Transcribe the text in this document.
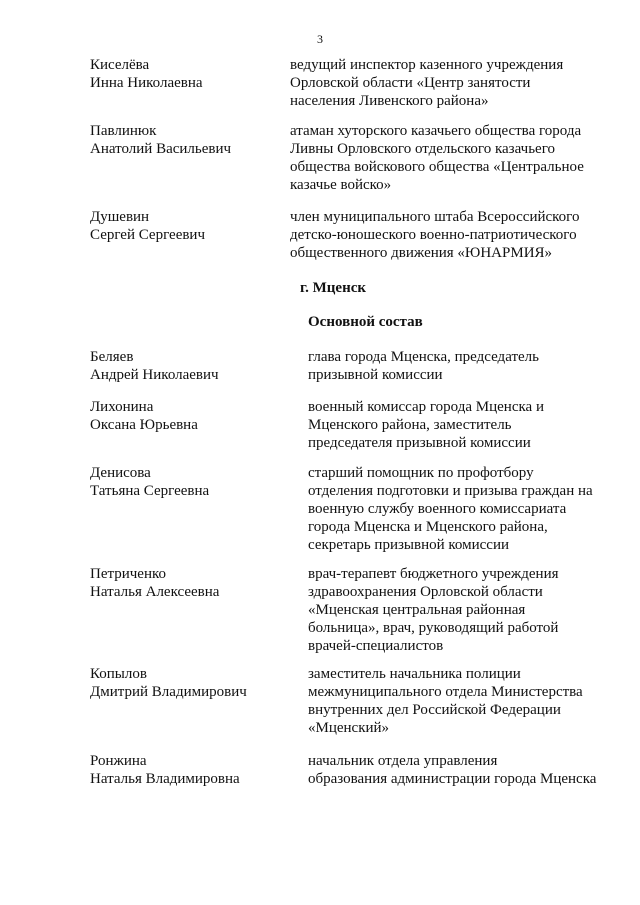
3
Киселёва
Инна Николаевна
ведущий инспектор казенного учреждения
Орловской области «Центр занятости
населения Ливенского района»
Павлинюк
Анатолий Васильевич
атаман хуторского казачьего общества города
Ливны Орловского отдельского казачьего
общества войскового общества «Центральное
казачье войско»
Душевин
Сергей Сергеевич
член муниципального штаба Всероссийского
детско-юношеского военно-патриотического
общественного движения «ЮНАРМИЯ»
г. Мценск
Основной состав
Беляев
Андрей Николаевич
глава города Мценска, председатель
призывной комиссии
Лихонина
Оксана Юрьевна
военный комиссар города Мценска и
Мценского района, заместитель
председателя призывной комиссии
Денисова
Татьяна Сергеевна
старший помощник по профотбору
отделения подготовки и призыва граждан на
военную службу военного комиссариата
города Мценска и Мценского района,
секретарь призывной комиссии
Петриченко
Наталья Алексеевна
врач-терапевт бюджетного учреждения
здравоохранения Орловской области
«Мценская центральная районная
больница», врач, руководящий работой
врачей-специалистов
Копылов
Дмитрий Владимирович
заместитель начальника полиции
межмуниципального отдела Министерства
внутренних дел Российской Федерации
«Мценский»
Ронжина
Наталья Владимировна
начальник отдела управления
образования администрации города Мценска
